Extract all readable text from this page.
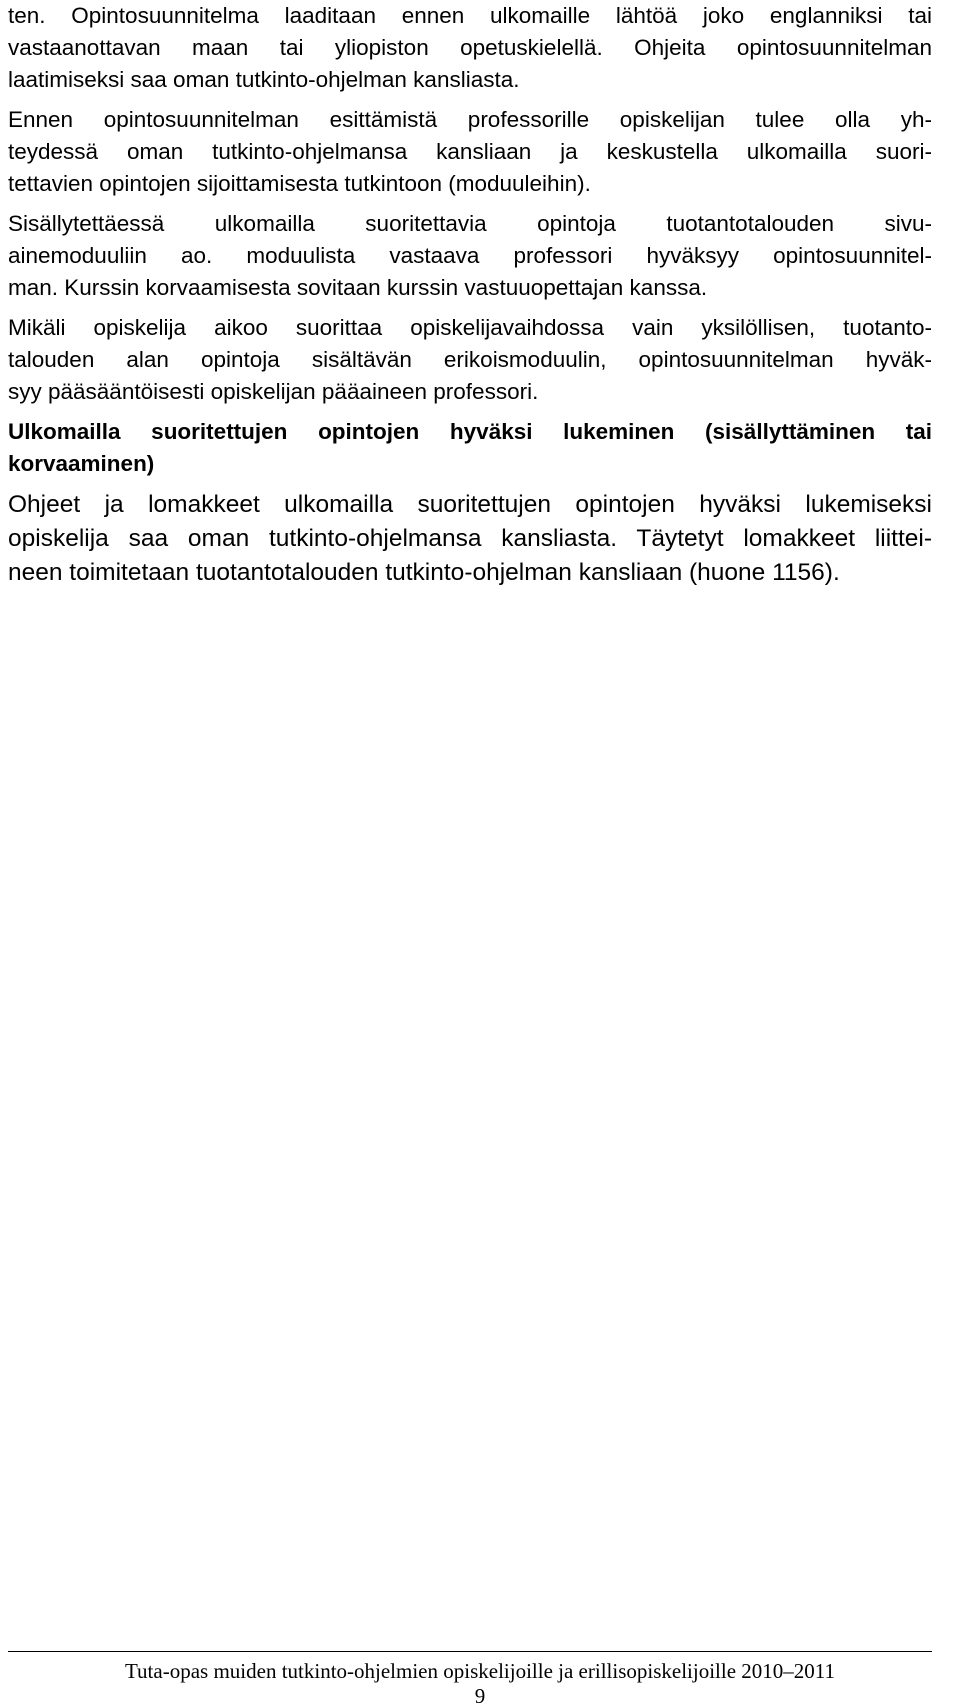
ten. Opintosuunnitelma laaditaan ennen ulkomaille lähtöä joko englanniksi tai
vastaanottavan maan tai yliopiston opetuskielellä. Ohjeita opintosuunnitelman
laatimiseksi saa oman tutkinto-ohjelman kansliasta.
Ennen opintosuunnitelman esittämistä professorille opiskelijan tulee olla yh-
teydessä oman tutkinto-ohjelmansa kansliaan ja keskustella ulkomailla suori-
tettavien opintojen sijoittamisesta tutkintoon (moduuleihin).
Sisällytettäessä ulkomailla suoritettavia opintoja tuotantotalouden sivu-
ainemoduuliin ao. moduulista vastaava professori hyväksyy opintosuunnitel-
man. Kurssin korvaamisesta sovitaan kurssin vastuuopettajan kanssa.
Mikäli opiskelija aikoo suorittaa opiskelijavaihdossa vain yksilöllisen, tuotanto-
talouden alan opintoja sisältävän erikoismoduulin, opintosuunnitelman hyväk-
syy pääsääntöisesti opiskelijan pääaineen professori.
Ulkomailla suoritettujen opintojen hyväksi lukeminen (sisällyttäminen tai
korvaaminen)
Ohjeet ja lomakkeet ulkomailla suoritettujen opintojen hyväksi lukemiseksi
opiskelija saa oman tutkinto-ohjelmansa kansliasta. Täytetyt lomakkeet liittei-
neen toimitetaan tuotantotalouden tutkinto-ohjelman kansliaan (huone 1156).
Tuta-opas muiden tutkinto-ohjelmien opiskelijoille ja erillisopiskelijoille 2010–2011
9
